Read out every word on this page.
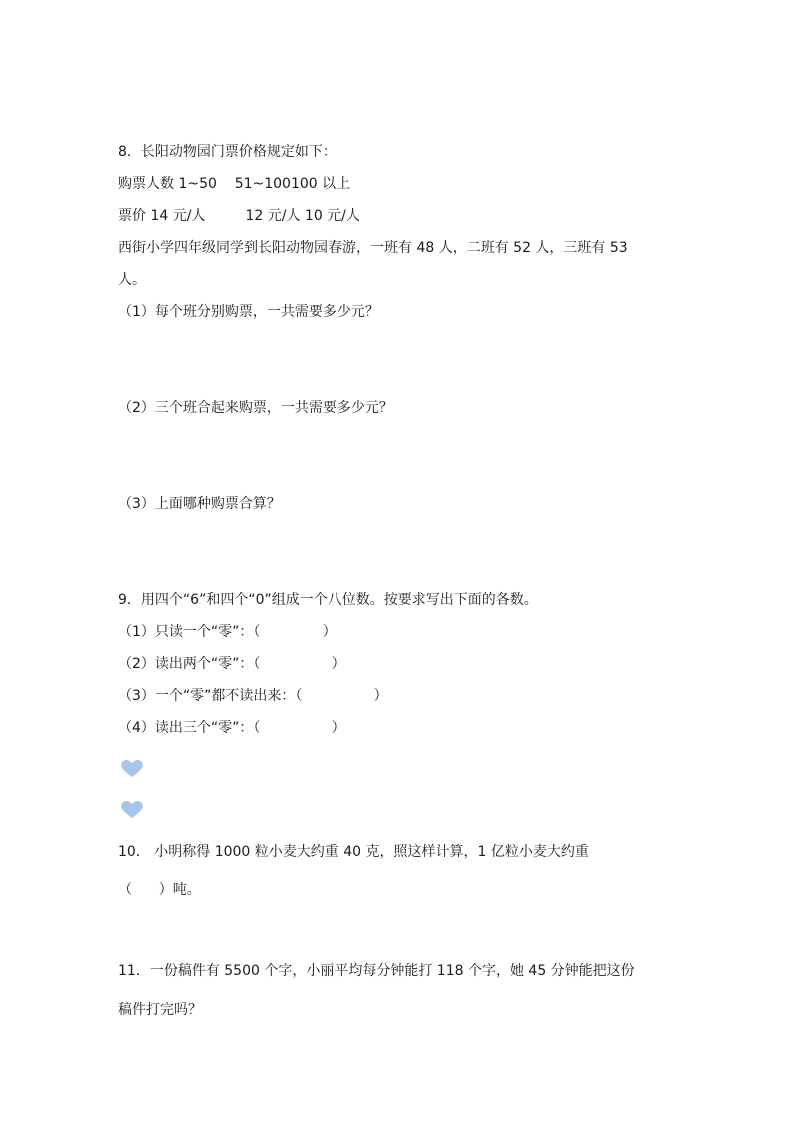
8．长阳动物园门票价格规定如下：
购票人数 1~50    51~100100 以上
票价 14 元/人         12 元/人 10 元/人
西街小学四年级同学到长阳动物园春游，一班有 48 人，二班有 52 人，三班有 53
人。
（1）每个班分别购票，一共需要多少元？
（2）三个班合起来购票，一共需要多少元？
（3）上面哪种购票合算？
9．用四个“6”和四个“0”组成一个八位数。按要求写出下面的各数。
（1）只读一个“零”：（              ）
（2）读出两个“零”：（                ）
（3）一个“零”都不读出来：（                ）
（4）读出三个“零”：（                ）
10． 小明称得 1000 粒小麦大约重 40 克，照这样计算，1 亿粒小麦大约重
（      ）吨。
11．一份稿件有 5500 个字，小丽平均每分钟能打 118 个字，她 45 分钟能把这份
稿件打完吗？
